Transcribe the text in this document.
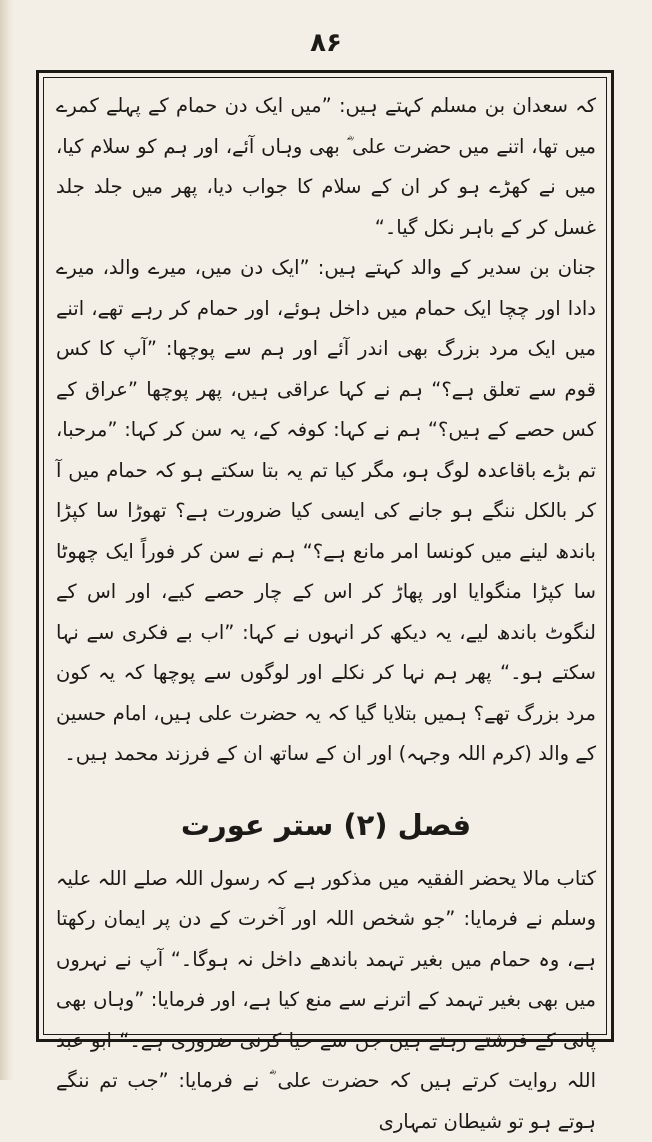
۸۶

کہ سعدان بن مسلم کہتے ہیں: ”میں ایک دن حمام کے پہلے کمرے میں تھا، اتنے میں حضرت علی ؓ بھی وہاں آئے، اور ہم کو سلام کیا، میں نے کھڑے ہو کر ان کے سلام کا جواب دیا، پھر میں جلد جلد غسل کر کے باہر نکل گیا۔“

جنان بن سدیر کے والد کہتے ہیں: ”ایک دن میں، میرے والد، میرے دادا اور چچا ایک حمام میں داخل ہوئے، اور حمام کر رہے تھے، اتنے میں ایک مرد بزرگ بھی اندر آئے اور ہم سے پوچھا: ”آپ کا کس قوم سے تعلق ہے؟“ ہم نے کہا عراقی ہیں، پھر پوچھا ”عراق کے کس حصے کے ہیں؟“ ہم نے کہا: کوفہ کے، یہ سن کر کہا: ”مرحبا، تم بڑے باقاعدہ لوگ ہو، مگر کیا تم یہ بتا سکتے ہو کہ حمام میں آ کر بالکل ننگے ہو جانے کی ایسی کیا ضرورت ہے؟ تھوڑا سا کپڑا باندھ لینے میں کونسا امر مانع ہے؟“ ہم نے سن کر فوراً ایک چھوٹا سا کپڑا منگوایا اور پھاڑ کر اس کے چار حصے کیے، اور اس کے لنگوٹ باندھ لیے، یہ دیکھ کر انہوں نے کہا: ”اب بے فکری سے نہا سکتے ہو۔“ پھر ہم نہا کر نکلے اور لوگوں سے پوچھا کہ یہ کون مرد بزرگ تھے؟ ہمیں بتلایا گیا کہ یہ حضرت علی ہیں، امام حسین کے والد (کرم اللہ وجہہ) اور ان کے ساتھ ان کے فرزند محمد ہیں۔

فصل (۲) ستر عورت

کتاب مالا یحضر الفقیہ میں مذکور ہے کہ رسول اللہ صلے اللہ علیہ وسلم نے فرمایا: ”جو شخص اللہ اور آخرت کے دن پر ایمان رکھتا ہے، وہ حمام میں بغیر تہمد باندھے داخل نہ ہوگا۔“ آپ نے نہروں میں بھی بغیر تہمد کے اترنے سے منع کیا ہے، اور فرمایا: ”وہاں بھی پانی کے فرشتے رہتے ہیں جن سے حیا کرنی ضروری ہے۔“ ابو عبد اللہ روایت کرتے ہیں کہ حضرت علی ؓ نے فرمایا: ”جب تم ننگے ہوتے ہو تو شیطان تمہاری
